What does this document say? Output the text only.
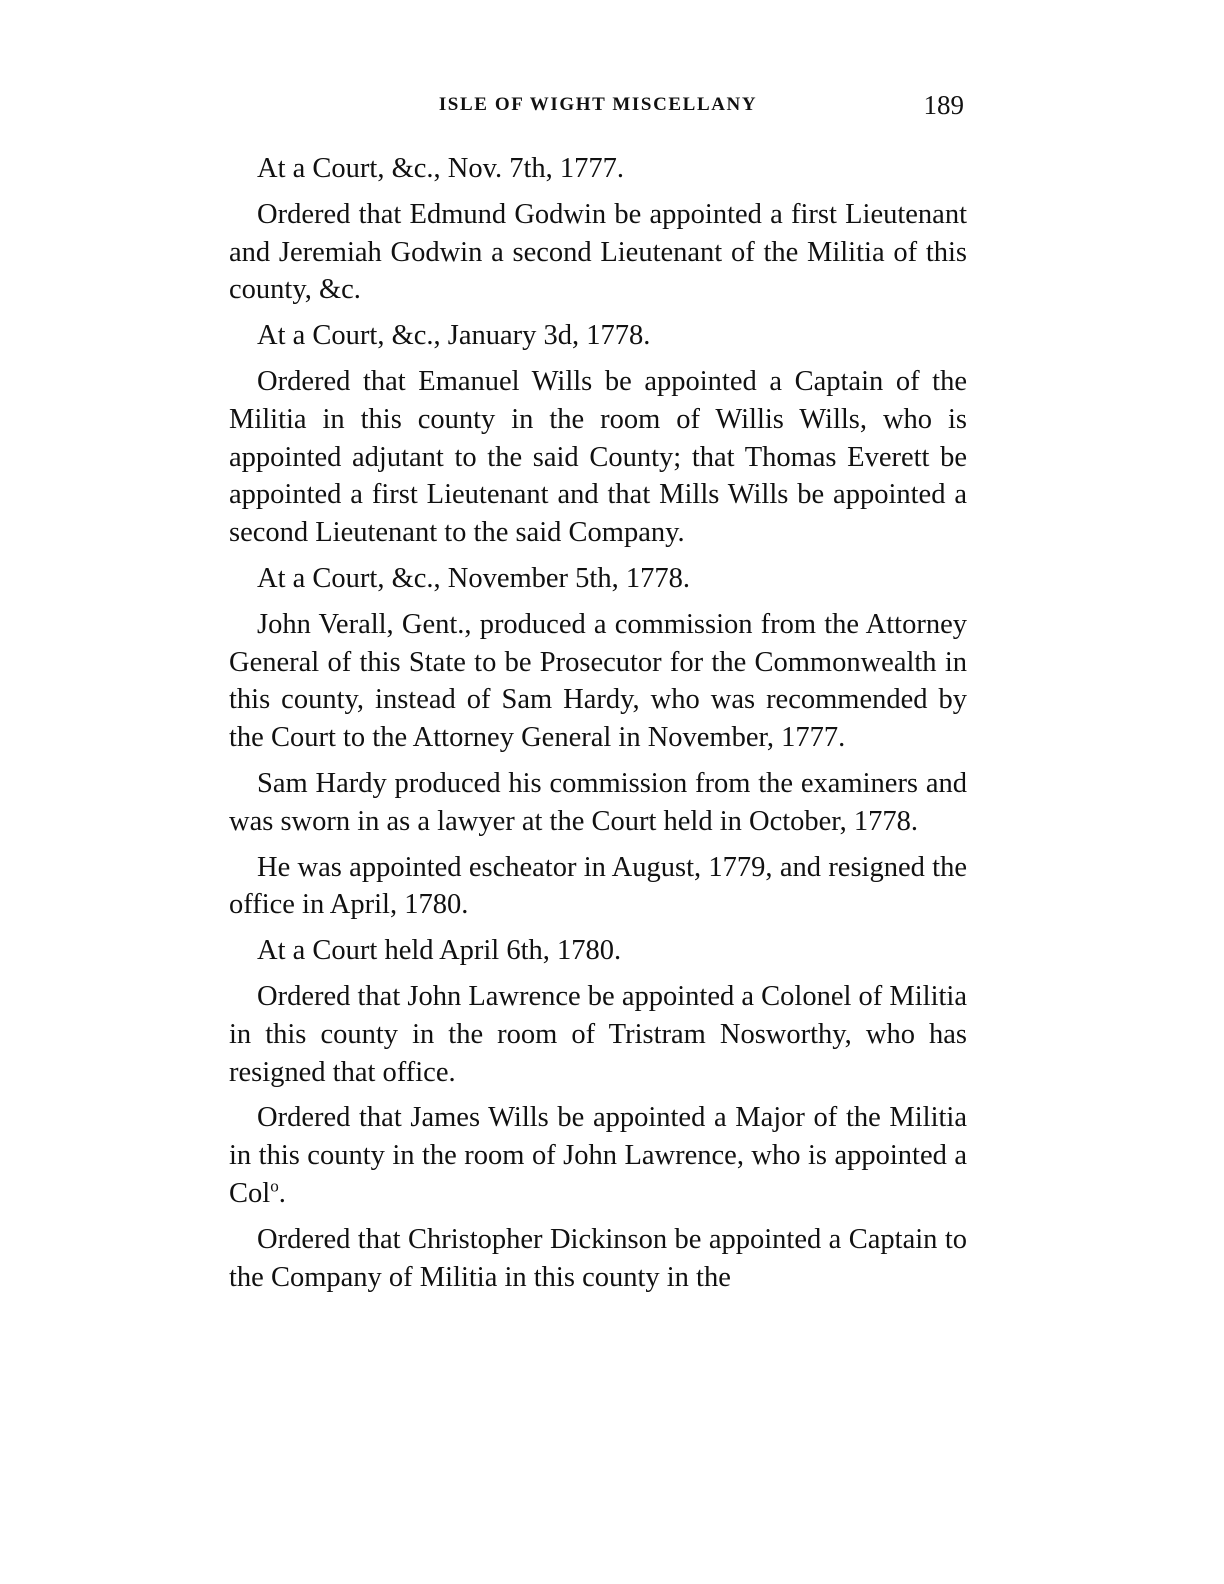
ISLE OF WIGHT MISCELLANY	189

At a Court, &c., Nov. 7th, 1777.

Ordered that Edmund Godwin be appointed a first Lieutenant and Jeremiah Godwin a second Lieutenant of the Militia of this county, &c.

At a Court, &c., January 3d, 1778.

Ordered that Emanuel Wills be appointed a Captain of the Militia in this county in the room of Willis Wills, who is appointed adjutant to the said County; that Thomas Everett be appointed a first Lieutenant and that Mills Wills be appointed a second Lieutenant to the said Company.

At a Court, &c., November 5th, 1778.

John Verall, Gent., produced a commission from the Attorney General of this State to be Prosecutor for the Commonwealth in this county, instead of Sam Hardy, who was recommended by the Court to the Attorney General in November, 1777.

Sam Hardy produced his commission from the examiners and was sworn in as a lawyer at the Court held in October, 1778.

He was appointed escheator in August, 1779, and resigned the office in April, 1780.

At a Court held April 6th, 1780.

Ordered that John Lawrence be appointed a Colonel of Militia in this county in the room of Tristram Nosworthy, who has resigned that office.

Ordered that James Wills be appointed a Major of the Militia in this county in the room of John Lawrence, who is appointed a Col$^o$.

Ordered that Christopher Dickinson be appointed a Captain to the Company of Militia in this county in the
